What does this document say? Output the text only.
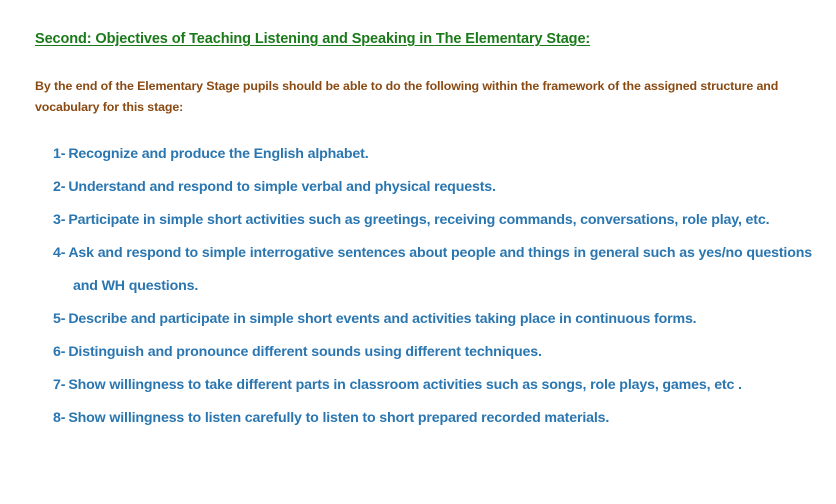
Second: Objectives of Teaching Listening and Speaking in The Elementary Stage:

By the end of the Elementary Stage pupils should be able to do the following within the framework of the assigned structure and vocabulary for this stage:

1- Recognize and produce the English alphabet.
2- Understand and respond to simple verbal and physical requests.
3- Participate in simple short activities such as greetings, receiving commands, conversations, role play, etc.
4- Ask and respond to simple interrogative sentences about people and things in general such as yes/no questions and WH questions.
5- Describe and participate in simple short events and activities taking place in continuous forms.
6- Distinguish and pronounce different sounds using different techniques.
7- Show willingness to take different parts in classroom activities such as songs, role plays, games, etc .
8- Show willingness to listen carefully to listen to short prepared recorded materials.
